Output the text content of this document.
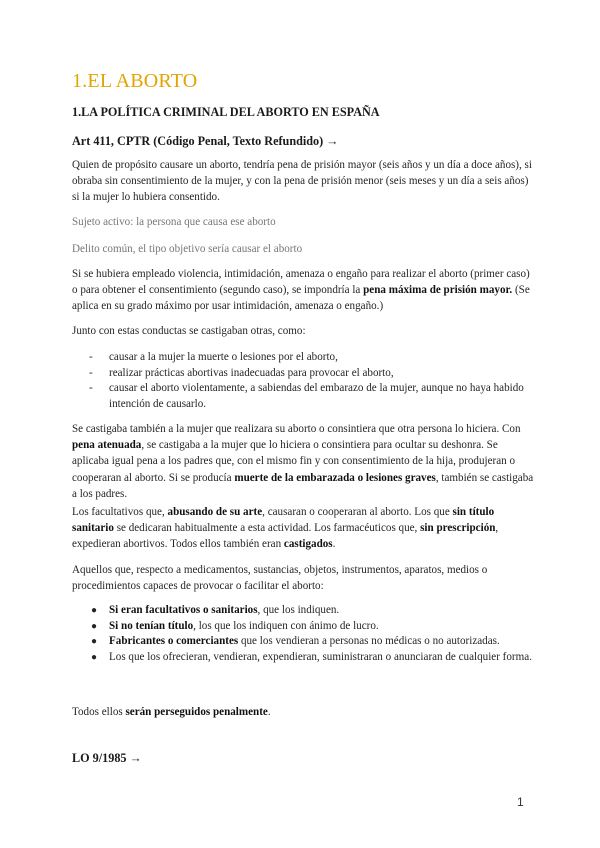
1.EL ABORTO
1.LA POLÍTICA CRIMINAL DEL ABORTO EN ESPAÑA
Art 411, CPTR (Código Penal, Texto Refundido) →
Quien de propósito causare un aborto, tendría pena de prisión mayor (seis años y un día a doce años), si obraba sin consentimiento de la mujer, y con la pena de prisión menor (seis meses y un día a seis años) si la mujer lo hubiera consentido.
Sujeto activo: la persona que causa ese aborto
Delito común, el tipo objetivo sería causar el aborto
Si se hubiera empleado violencia, intimidación, amenaza o engaño para realizar el aborto (primer caso) o para obtener el consentimiento (segundo caso), se impondría la pena máxima de prisión mayor. (Se aplica en su grado máximo por usar intimidación, amenaza o engaño.)
Junto con estas conductas se castigaban otras, como:
- causar a la mujer la muerte o lesiones por el aborto,
- realizar prácticas abortivas inadecuadas para provocar el aborto,
- causar el aborto violentamente, a sabiendas del embarazo de la mujer, aunque no haya habido intención de causarlo.
Se castigaba también a la mujer que realizara su aborto o consintiera que otra persona lo hiciera. Con pena atenuada, se castigaba a la mujer que lo hiciera o consintiera para ocultar su deshonra. Se aplicaba igual pena a los padres que, con el mismo fin y con consentimiento de la hija, produjeran o cooperaran al aborto. Si se producía muerte de la embarazada o lesiones graves, también se castigaba a los padres.
Los facultativos que, abusando de su arte, causaran o cooperaran al aborto. Los que sin título sanitario se dedicaran habitualmente a esta actividad. Los farmacéuticos que, sin prescripción, expedieran abortivos. Todos ellos también eran castigados.
Aquellos que, respecto a medicamentos, sustancias, objetos, instrumentos, aparatos, medios o procedimientos capaces de provocar o facilitar el aborto:
● Si eran facultativos o sanitarios, que los indiquen.
● Si no tenían título, los que los indiquen con ánimo de lucro.
● Fabricantes o comerciantes que los vendieran a personas no médicas o no autorizadas.
● Los que los ofrecieran, vendieran, expendieran, suministraran o anunciaran de cualquier forma.
Todos ellos serán perseguidos penalmente.
LO 9/1985 →
1
